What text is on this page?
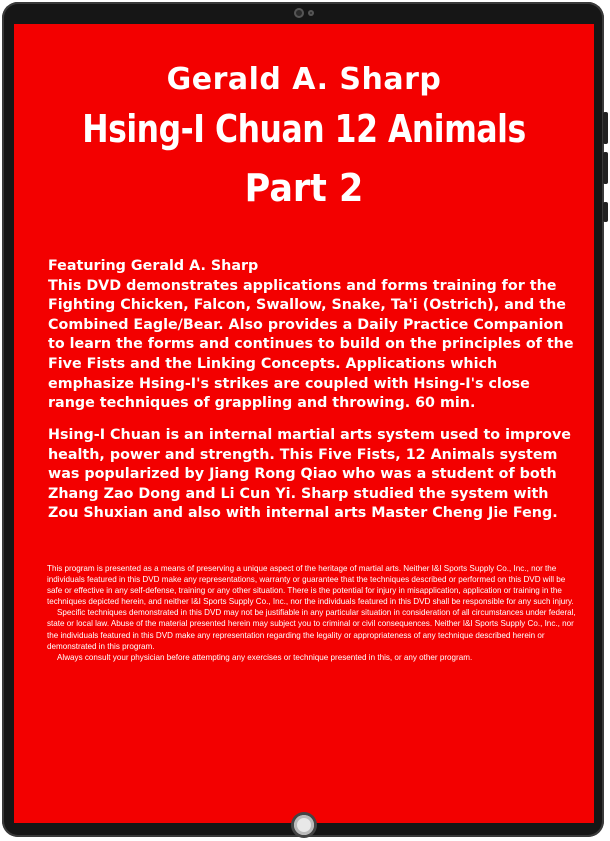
Gerald A. Sharp
Hsing-I Chuan 12 Animals
Part 2

Featuring Gerald A. Sharp

This DVD demonstrates applications and forms training for the Fighting Chicken, Falcon, Swallow, Snake, Ta'i (Ostrich), and the Combined Eagle/Bear. Also provides a Daily Practice Companion to learn the forms and continues to build on the principles of the Five Fists and the Linking Concepts. Applications which emphasize Hsing-I's strikes are coupled with Hsing-I's close range techniques of grappling and throwing. 60 min.

Hsing-I Chuan is an internal martial arts system used to improve health, power and strength. This Five Fists, 12 Animals system was popularized by Jiang Rong Qiao who was a student of both Zhang Zao Dong and Li Cun Yi. Sharp studied the system with Zou Shuxian and also with internal arts Master Cheng Jie Feng.

This program is presented as a means of preserving a unique aspect of the heritage of martial arts. Neither I&I Sports Supply Co., Inc., nor the individuals featured in this DVD make any representations, warranty or guarantee that the techniques described or performed on this DVD will be safe or effective in any self-defense, training or any other situation. There is the potential for injury in misapplication, application or training in the techniques depicted herein, and neither I&I Sports Supply Co., Inc., nor the individuals featured in this DVD shall be responsible for any such injury.

Specific techniques demonstrated in this DVD may not be justifiable in any particular situation in consideration of all circumstances under federal, state or local law. Abuse of the material presented herein may subject you to criminal or civil consequences. Neither I&I Sports Supply Co., Inc., nor the individuals featured in this DVD make any representation regarding the legality or appropriateness of any technique described herein or demonstrated in this program.

Always consult your physician before attempting any exercises or technique presented in this, or any other program.
